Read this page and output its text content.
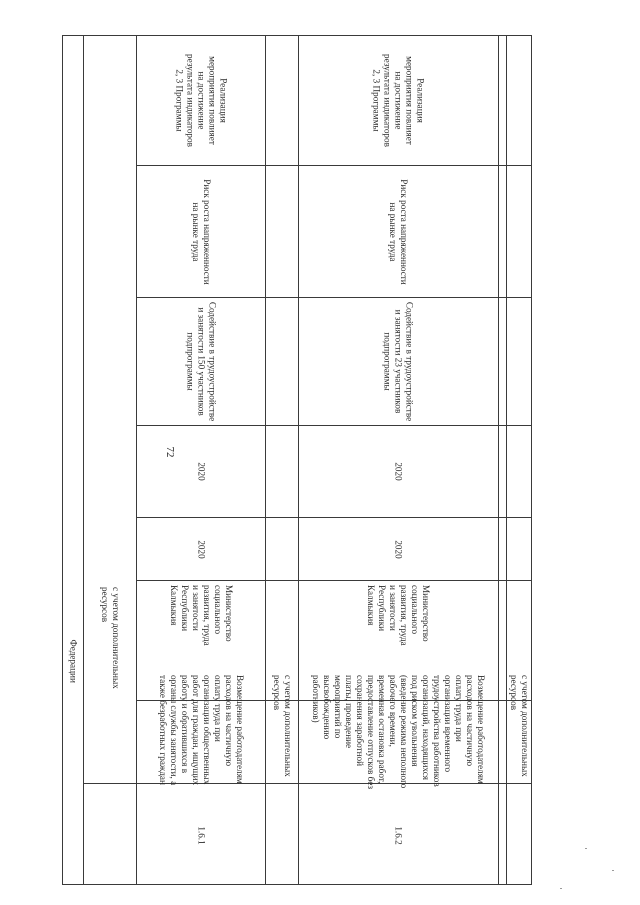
72
Федерации
с учетом дополнительных
ресурсов
1.6.1
Возмещение работодателям
расходов на частичную
оплату труда при
организации общественных
работ для граждан, ищущих
работу и обратившихся в
органы службы занятости, а
также безработных граждан
Министерство
социального
развития, труда
и занятости
Республики
Калмыкия
2020
2020
Содействие в трудоустройстве
и занятости 150 участников
подпрограммы
Риск роста напряженности
на рынке труда
Реализация
мероприятия повлияет
на достижение
результата индикаторов
2, 3 Программы
с учетом дополнительных
ресурсов
1.6.2
Возмещение работодателям
расходов на частичную
оплату труда при
организации временного
трудоустройства работников
организаций, находящихся
под риском увольнения
(введение режима неполного
рабочего времени,
временная остановка работ,
предоставление отпусков без
сохранения заработной
платы, проведение
мероприятий по
высвобождению
работников)
Министерство
социального
развития, труда
и занятости
Республики
Калмыкия
2020
2020
Содействие в трудоустройстве
и занятости 23 участников
подпрограммы
Риск роста напряженности
на рынке труда
Реализация
мероприятия повлияет
на достижение
результата индикаторов
2, 3 Программы
с учетом дополнительных
ресурсов
